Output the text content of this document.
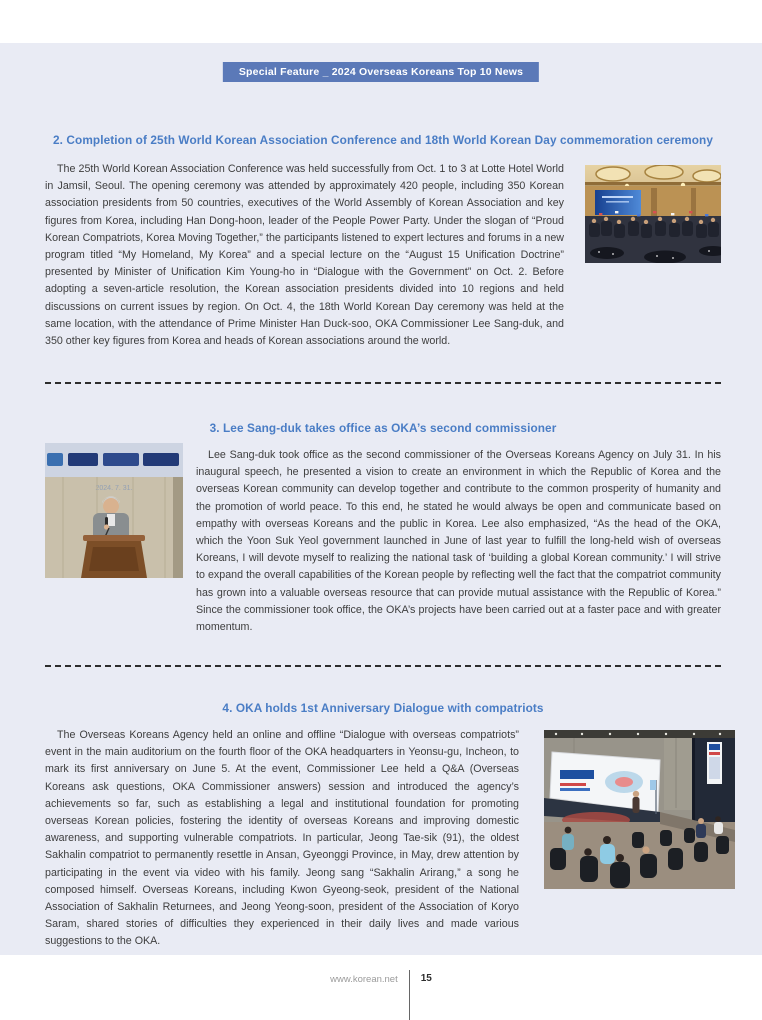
Special Feature _ 2024 Overseas Koreans Top 10 News
2. Completion of 25th World Korean Association Conference and 18th World Korean Day commemoration ceremony

The 25th World Korean Association Conference was held successfully from Oct. 1 to 3 at Lotte Hotel World in Jamsil, Seoul. The opening ceremony was attended by approximately 420 people, including 350 Korean association presidents from 50 countries, executives of the World Assembly of Korean Association and key figures from Korea, including Han Dong-hoon, leader of the People Power Party. Under the slogan of “Proud Korean Compatriots, Korea Moving Together,” the participants listened to expert lectures and forums in a new program titled “My Homeland, My Korea” and a special lecture on the “August 15 Unification Doctrine” presented by Minister of Unification Kim Young-ho in “Dialogue with the Government” on Oct. 2. Before adopting a seven-article resolution, the Korean association presidents divided into 10 regions and held discussions on current issues by region. On Oct. 4, the 18th World Korean Day ceremony was held at the same location, with the attendance of Prime Minister Han Duck-soo, OKA Commissioner Lee Sang-duk, and 350 other key figures from Korea and heads of Korean associations around the world.

3. Lee Sang-duk takes office as OKA’s second commissioner
2024. 7. 31.

Lee Sang-duk took office as the second commissioner of the Overseas Koreans Agency on July 31. In his inaugural speech, he presented a vision to create an environment in which the Republic of Korea and the overseas Korean community can develop together and contribute to the common prosperity of humanity and the promotion of world peace. To this end, he stated he would always be open and communicate based on empathy with overseas Koreans and the public in Korea. Lee also emphasized, “As the head of the OKA, which the Yoon Suk Yeol government launched in June of last year to fulfill the long-held wish of overseas Koreans, I will devote myself to realizing the national task of ‘building a global Korean community.’ I will strive to expand the overall capabilities of the Korean people by reflecting well the fact that the compatriot community has grown into a valuable overseas resource that can provide mutual assistance with the Republic of Korea.” Since the commissioner took office, the OKA’s projects have been carried out at a faster pace and with greater momentum.

4. OKA holds 1st Anniversary Dialogue with compatriots

The Overseas Koreans Agency held an online and offline “Dialogue with overseas compatriots” event in the main auditorium on the fourth floor of the OKA headquarters in Yeonsu-gu, Incheon, to mark its first anniversary on June 5. At the event, Commissioner Lee held a Q&A (Overseas Koreans ask questions, OKA Commissioner answers) session and introduced the agency’s achievements so far, such as establishing a legal and institutional foundation for promoting overseas Korean policies, fostering the identity of overseas Koreans and improving domestic awareness, and supporting vulnerable compatriots. In particular, Jeong Tae-sik (91), the oldest Sakhalin compatriot to permanently resettle in Ansan, Gyeonggi Province, in May, drew attention by participating in the event via video with his family. Jeong sang “Sakhalin Arirang,” a song he composed himself. Overseas Koreans, including Kwon Gyeong-seok, president of the National Association of Sakhalin Returnees, and Jeong Yeong-soon, president of the Association of Koryo Saram, shared stories of difficulties they experienced in their daily lives and made various suggestions to the OKA.

www.korean.net 15
